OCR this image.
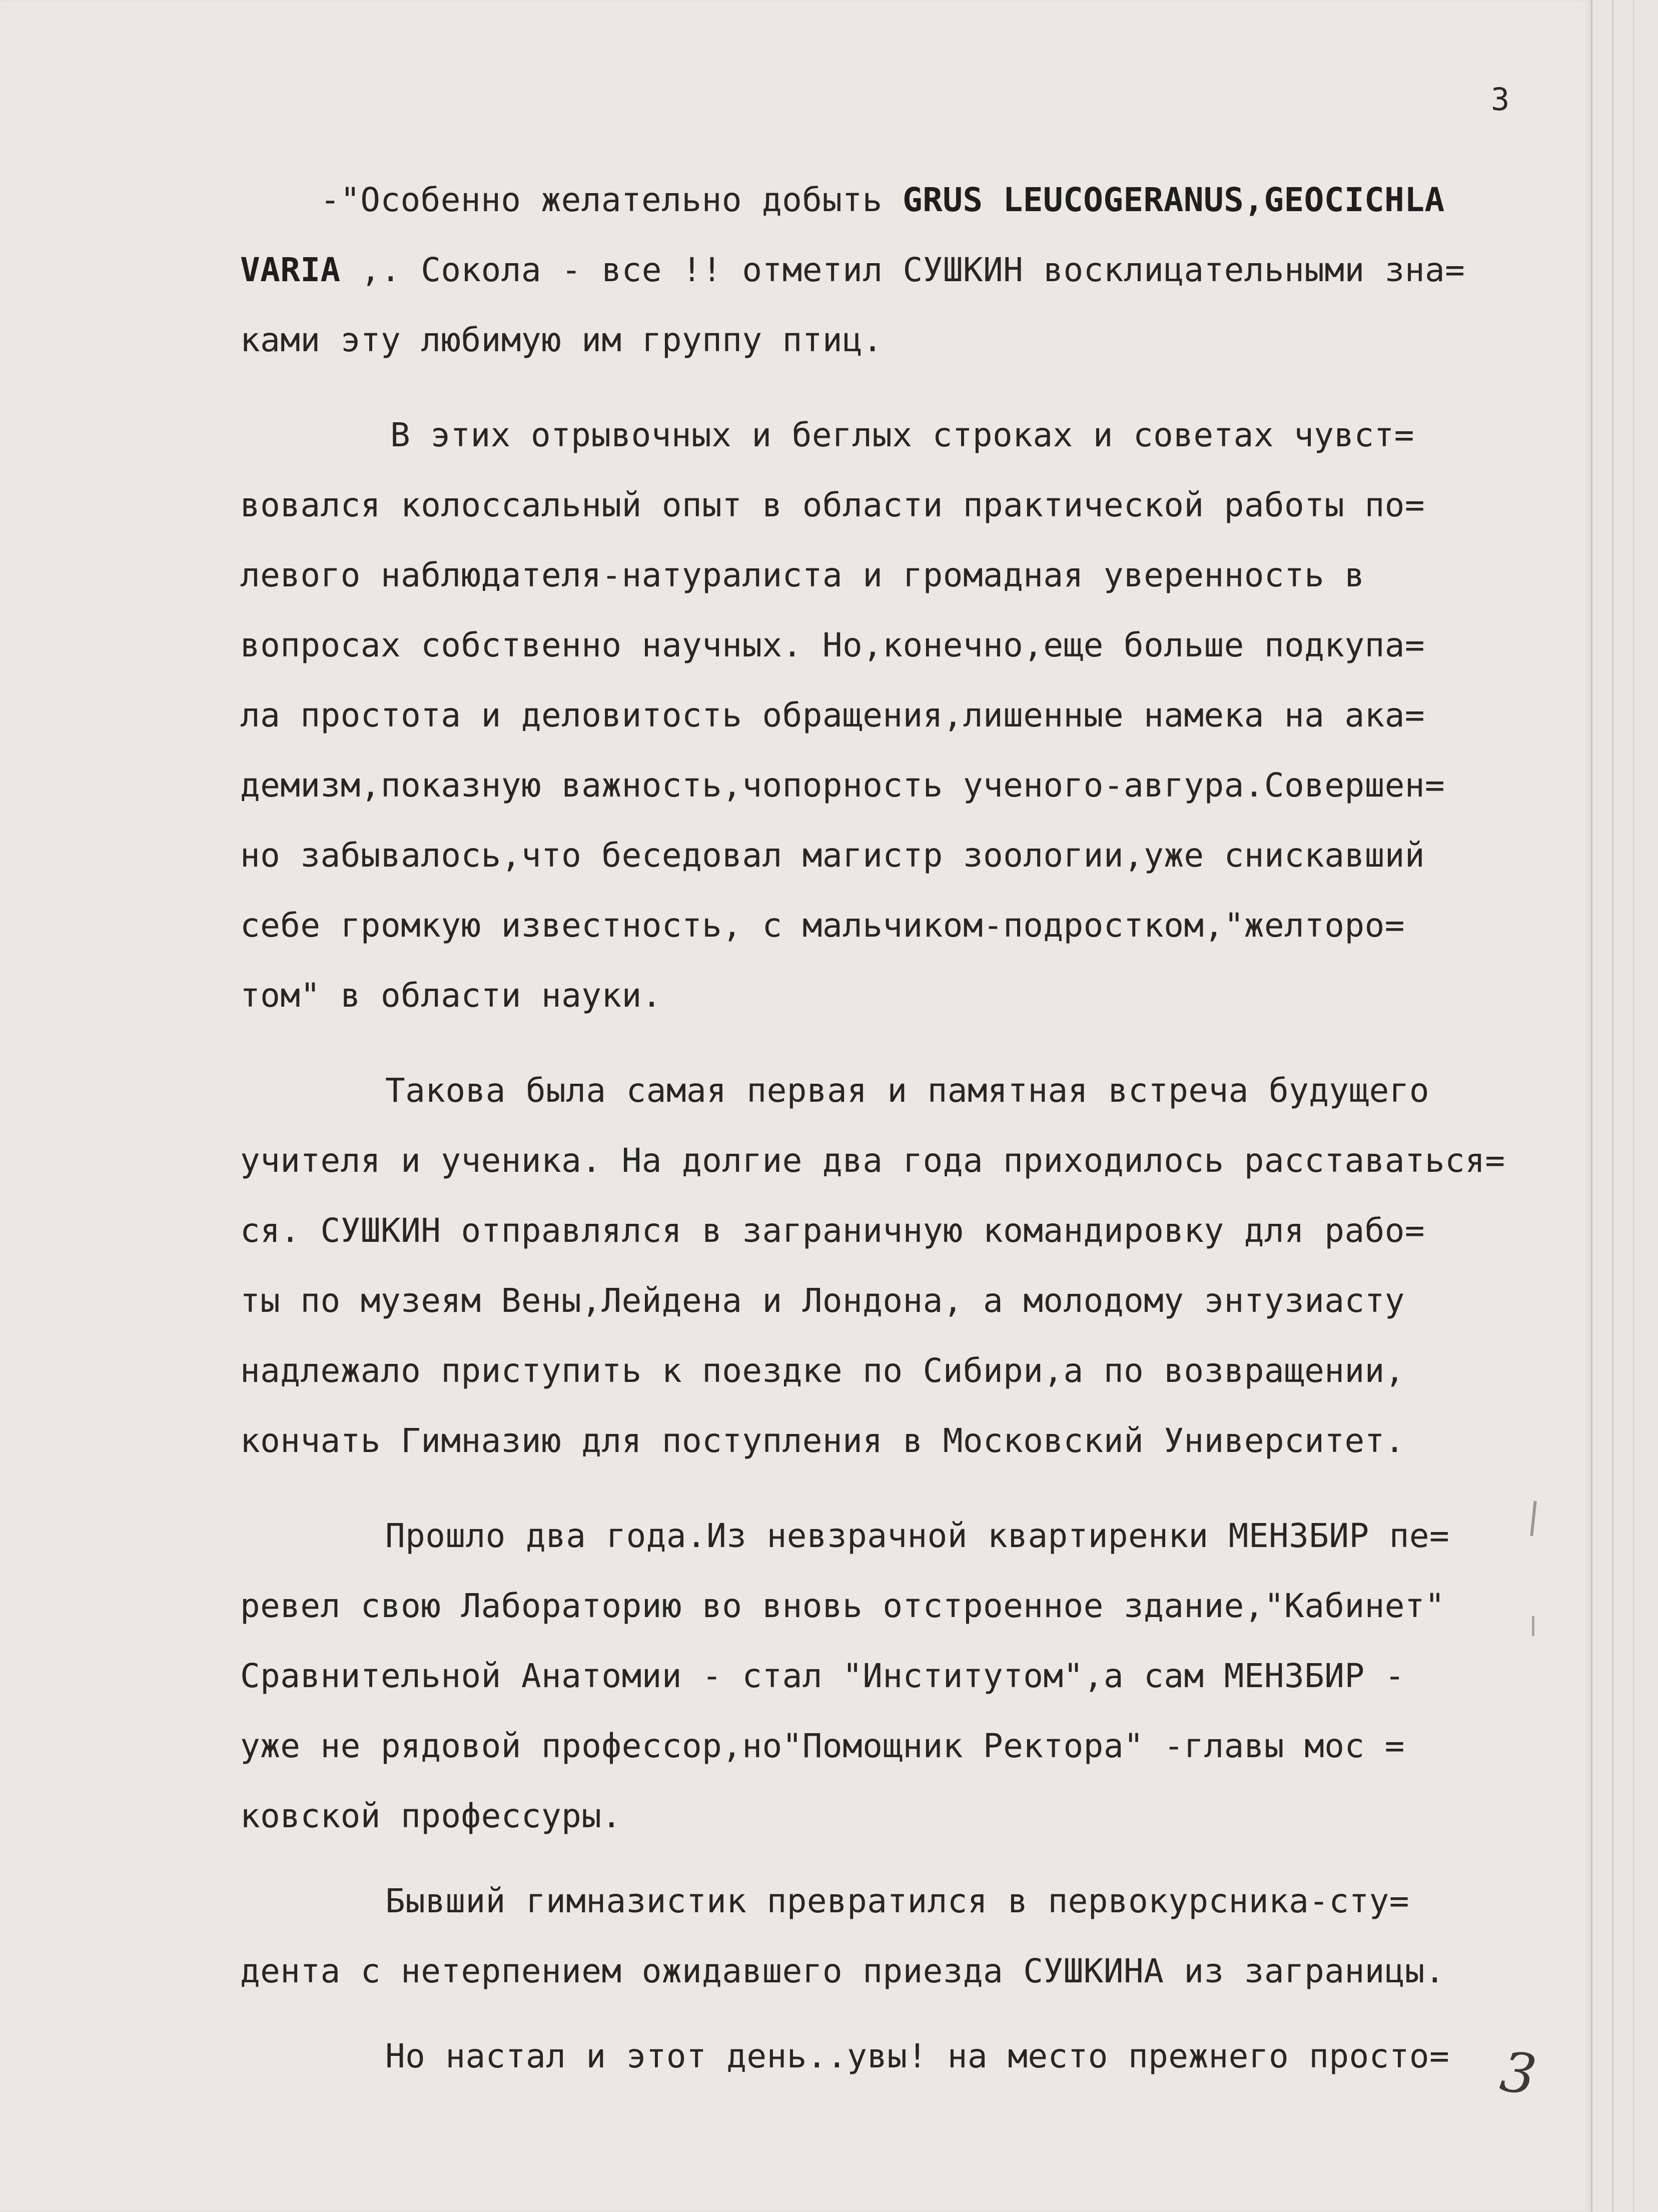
3
-"Особенно желательно добыть GRUS LEUCOGERANUS,GEOCICHLA
VARIA ,. Сокола - все !! отметил СУШКИН восклицательными зна=
ками эту любимую им группу птиц.
В этих отрывочных и беглых строках и советах чувст=
вовался колоссальный опыт в области практической работы по=
левого наблюдателя-натуралиста и громадная уверенность в
вопросах собственно научных. Но,конечно,еще больше подкупа=
ла простота и деловитость обращения,лишенные намека на ака=
демизм,показную важность,чопорность ученого-авгура.Совершен=
но забывалось,что беседовал магистр зоологии,уже снискавший
себе громкую известность, с мальчиком-подростком,"желторо=
том" в области науки.
Такова была самая первая и памятная встреча будущего
учителя и ученика. На долгие два года приходилось расставаться=
ся. СУШКИН отправлялся в заграничную командировку для рабо=
ты по музеям Вены,Лейдена и Лондона, а молодому энтузиасту
надлежало приступить к поездке по Сибири,а по возвращении,
кончать Гимназию для поступления в Московский Университет.
Прошло два года.Из невзрачной квартиренки МЕНЗБИР пе=
ревел свою Лабораторию во вновь отстроенное здание,"Кабинет"
Сравнительной Анатомии - стал "Институтом",а сам МЕНЗБИР -
уже не рядовой профессор,но"Помощник Ректора" -главы мос =
ковской профессуры.
Бывший гимназистик превратился в первокурсника-сту=
дента с нетерпением ожидавшего приезда СУШКИНА из заграницы.
Но настал и этот день..увы! на место прежнего просто= 3
